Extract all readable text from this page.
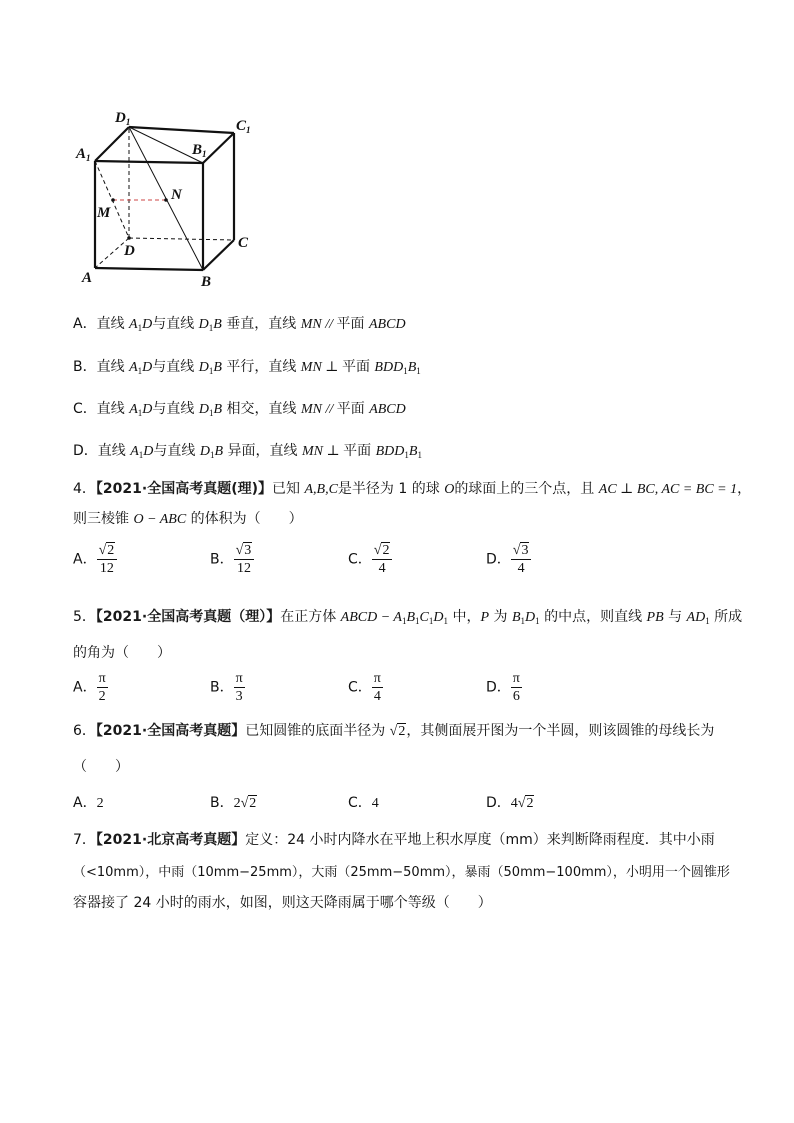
$D_1$	$C_1$
$A_1$	$B_1$
N
M
D	C
A	B
A．直线 $A_1D$与直线 $D_1B$ 垂直，直线 MN // 平面 ABCD
B．直线 $A_1D$与直线 $D_1B$ 平行，直线 MN ⊥ 平面 $BDD_1B_1$
C．直线 $A_1D$与直线 $D_1B$ 相交，直线 MN // 平面 ABCD
D．直线 $A_1D$与直线 $D_1B$ 异面，直线 MN ⊥ 平面 $BDD_1B_1$
4．【2021·全国高考真题(理)】已知 A,B,C是半径为 1 的球 O的球面上的三个点，且 AC ⊥ BC, AC = BC = 1，
则三棱锥 O − ABC 的体积为（　　）
A． $\frac{√2}{12}$	B． $\frac{√3}{12}$	C． $\frac{√2}{4}$	D． $\frac{√3}{4}$
5．【2021·全国高考真题（理）】在正方体 ABCD − $A_1B_1C_1D_1$ 中，P 为 $B_1D_1$ 的中点，则直线 PB 与 $AD_1$ 所成
的角为（　　）
A． $\frac{\pi}{2}$	B． $\frac{\pi}{3}$	C． $\frac{\pi}{4}$	D． $\frac{\pi}{6}$
6．【2021·全国高考真题】已知圆锥的底面半径为 √2，其侧面展开图为一个半圆，则该圆锥的母线长为
（　　）
A．2	B．2√2	C．4	D．4√2
7．【2021·北京高考真题】定义：24 小时内降水在平地上积水厚度（mm）来判断降雨程度．其中小雨
（<10mm），中雨（10mm−25mm），大雨（25mm−50mm），暴雨（50mm−100mm），小明用一个圆锥形
容器接了 24 小时的雨水，如图，则这天降雨属于哪个等级（　　）
